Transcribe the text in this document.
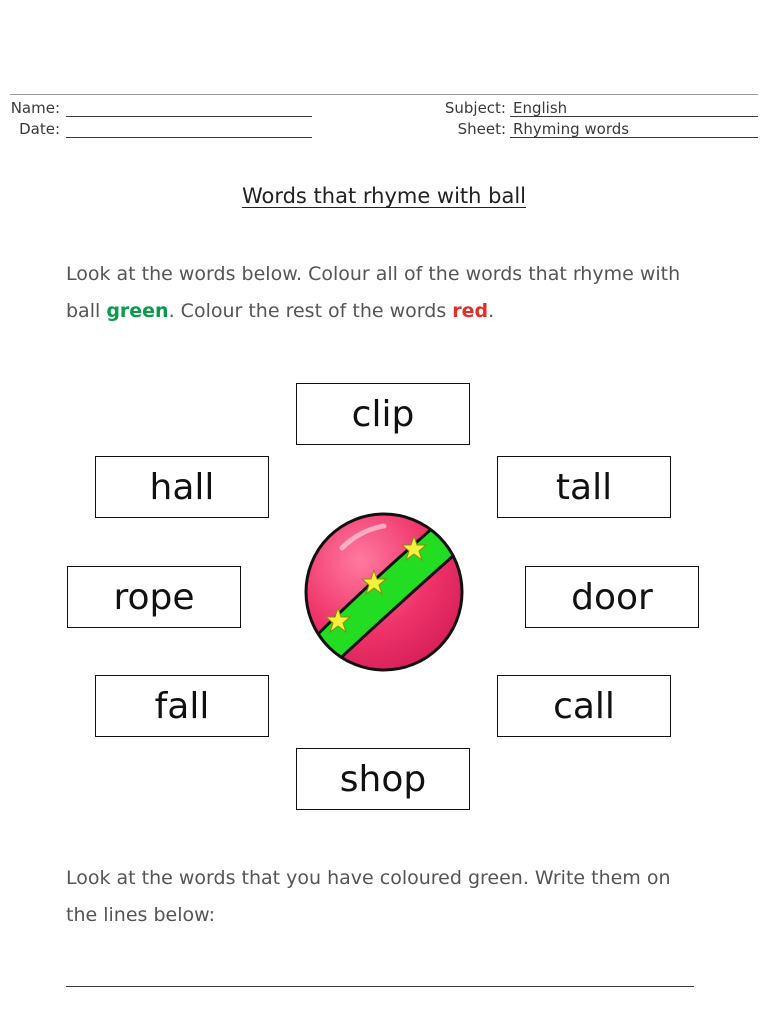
Name:
Date:
Subject: English
Sheet: Rhyming words
Words that rhyme with ball

Look at the words below. Colour all of the words that rhyme with ball green. Colour the rest of the words red.

clip
hall	tall
rope	door
fall	call
shop

Look at the words that you have coloured green. Write them on the lines below:
